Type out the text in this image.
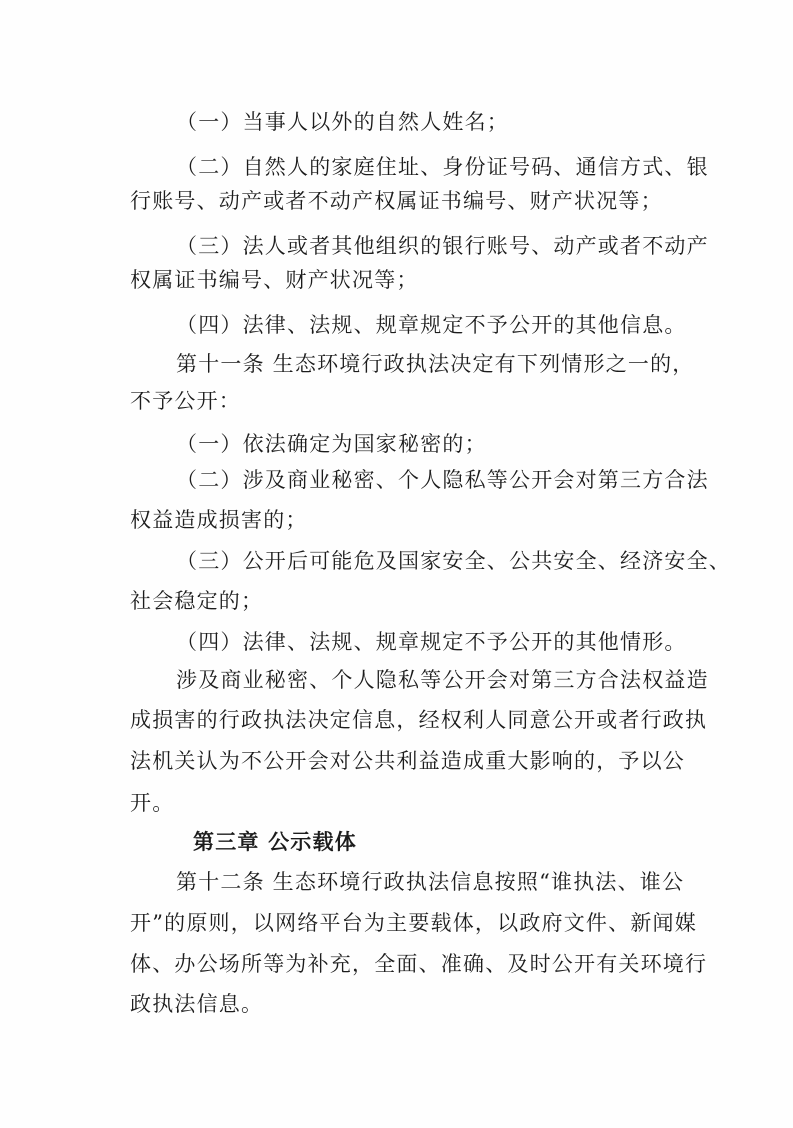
（一）当事人以外的自然人姓名；
（二）自然人的家庭住址、身份证号码、通信方式、银
行账号、动产或者不动产权属证书编号、财产状况等；
（三）法人或者其他组织的银行账号、动产或者不动产
权属证书编号、财产状况等；
（四）法律、法规、规章规定不予公开的其他信息。
第十一条 生态环境行政执法决定有下列情形之一的，
不予公开：
（一）依法确定为国家秘密的；
（二）涉及商业秘密、个人隐私等公开会对第三方合法
权益造成损害的；
（三）公开后可能危及国家安全、公共安全、经济安全、
社会稳定的；
（四）法律、法规、规章规定不予公开的其他情形。
涉及商业秘密、个人隐私等公开会对第三方合法权益造
成损害的行政执法决定信息，经权利人同意公开或者行政执
法机关认为不公开会对公共利益造成重大影响的，予以公
开。
第三章 公示载体
第十二条 生态环境行政执法信息按照“谁执法、谁公
开”的原则，以网络平台为主要载体，以政府文件、新闻媒
体、办公场所等为补充，全面、准确、及时公开有关环境行
政执法信息。
